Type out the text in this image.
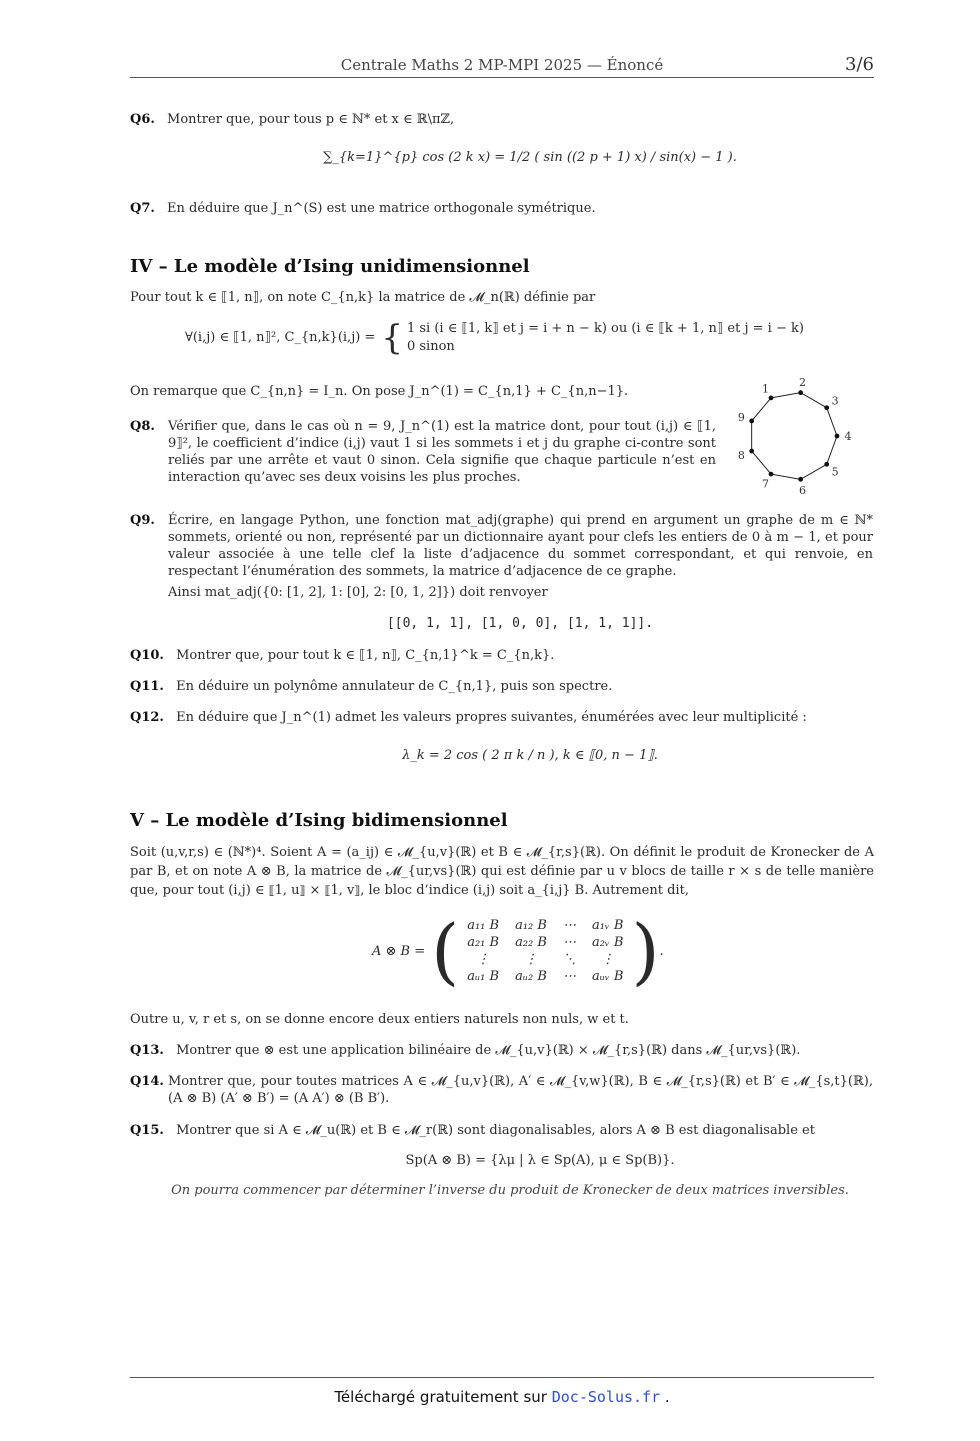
Centrale Maths 2 MP-MPI 2025 — Énoncé	3/6
Q6. Montrer que, pour tous p ∈ ℕ* et x ∈ ℝ\πℤ,
∑_{k=1}^{p} cos (2 k x) = 1/2 ( sin ((2 p + 1) x) / sin(x) − 1 ).
Q7. En déduire que J_n^(S) est une matrice orthogonale symétrique.
IV – Le modèle d’Ising unidimensionnel
Pour tout k ∈ ⟦1, n⟧, on note C_{n,k} la matrice de 𝓜_n(ℝ) définie par
∀(i,j) ∈ ⟦1, n⟧², C_{n,k}(i,j) = { 1 si (i ∈ ⟦1, k⟧ et j = i + n − k) ou (i ∈ ⟦k + 1, n⟧ et j = i − k)
0 sinon
On remarque que C_{n,n} = I_n. On pose J_n^(1) = C_{n,1} + C_{n,n−1}.
Q8.	Vérifier que, dans le cas où n = 9, J_n^(1) est la matrice dont, pour tout (i,j) ∈ ⟦1, 9⟧², le coefficient d’indice (i,j) vaut 1 si les sommets i et j du graphe ci-contre sont reliés par une arrête et vaut 0 sinon. Cela signifie que chaque particule n’est en interaction qu’avec ses deux voisins les plus proches.
1
2
3
4
5
6
7
8
9
Q9.	Écrire, en langage Python, une fonction mat_adj(graphe) qui prend en argument un graphe de m ∈ ℕ* sommets, orienté ou non, représenté par un dictionnaire ayant pour clefs les entiers de 0 à m − 1, et pour valeur associée à une telle clef la liste d’adjacence du sommet correspondant, et qui renvoie, en respectant l’énumération des sommets, la matrice d’adjacence de ce graphe.
Ainsi mat_adj({0: [1, 2], 1: [0], 2: [0, 1, 2]}) doit renvoyer
[[0, 1, 1], [1, 0, 0], [1, 1, 1]].
Q10. Montrer que, pour tout k ∈ ⟦1, n⟧, C_{n,1}^k = C_{n,k}.
Q11. En déduire un polynôme annulateur de C_{n,1}, puis son spectre.
Q12. En déduire que J_n^(1) admet les valeurs propres suivantes, énumérées avec leur multiplicité :
λ_k = 2 cos ( 2 π k / n ), k ∈ ⟦0, n − 1⟧.
V – Le modèle d’Ising bidimensionnel
Soit (u,v,r,s) ∈ (ℕ*)⁴. Soient A = (a_ij) ∈ 𝓜_{u,v}(ℝ) et B ∈ 𝓜_{r,s}(ℝ). On définit le produit de Kronecker de A par B, et on note A ⊗ B, la matrice de 𝓜_{ur,vs}(ℝ) qui est définie par u v blocs de taille r × s de telle manière que, pour tout (i,j) ∈ ⟦1, u⟧ × ⟦1, v⟧, le bloc d’indice (i,j) soit a_{i,j} B. Autrement dit,
A ⊗ B = ( a₁₁ B	a₁₂ B	⋯	a₁ᵥ B
a₂₁ B	a₂₂ B	⋯	a₂ᵥ B
⋮	⋮	⋱	⋮
aᵤ₁ B	aᵤ₂ B	⋯	aᵤᵥ B ) .
Outre u, v, r et s, on se donne encore deux entiers naturels non nuls, w et t.
Q13. Montrer que ⊗ est une application bilinéaire de 𝓜_{u,v}(ℝ) × 𝓜_{r,s}(ℝ) dans 𝓜_{ur,vs}(ℝ).
Q14. Montrer que, pour toutes matrices A ∈ 𝓜_{u,v}(ℝ), A′ ∈ 𝓜_{v,w}(ℝ), B ∈ 𝓜_{r,s}(ℝ) et B′ ∈ 𝓜_{s,t}(ℝ), (A ⊗ B) (A′ ⊗ B′) = (A A′) ⊗ (B B′).
Q15. Montrer que si A ∈ 𝓜_u(ℝ) et B ∈ 𝓜_r(ℝ) sont diagonalisables, alors A ⊗ B est diagonalisable et
Sp(A ⊗ B) = {λμ | λ ∈ Sp(A), μ ∈ Sp(B)}.
On pourra commencer par déterminer l’inverse du produit de Kronecker de deux matrices inversibles.
Téléchargé gratuitement sur Doc-Solus.fr .
